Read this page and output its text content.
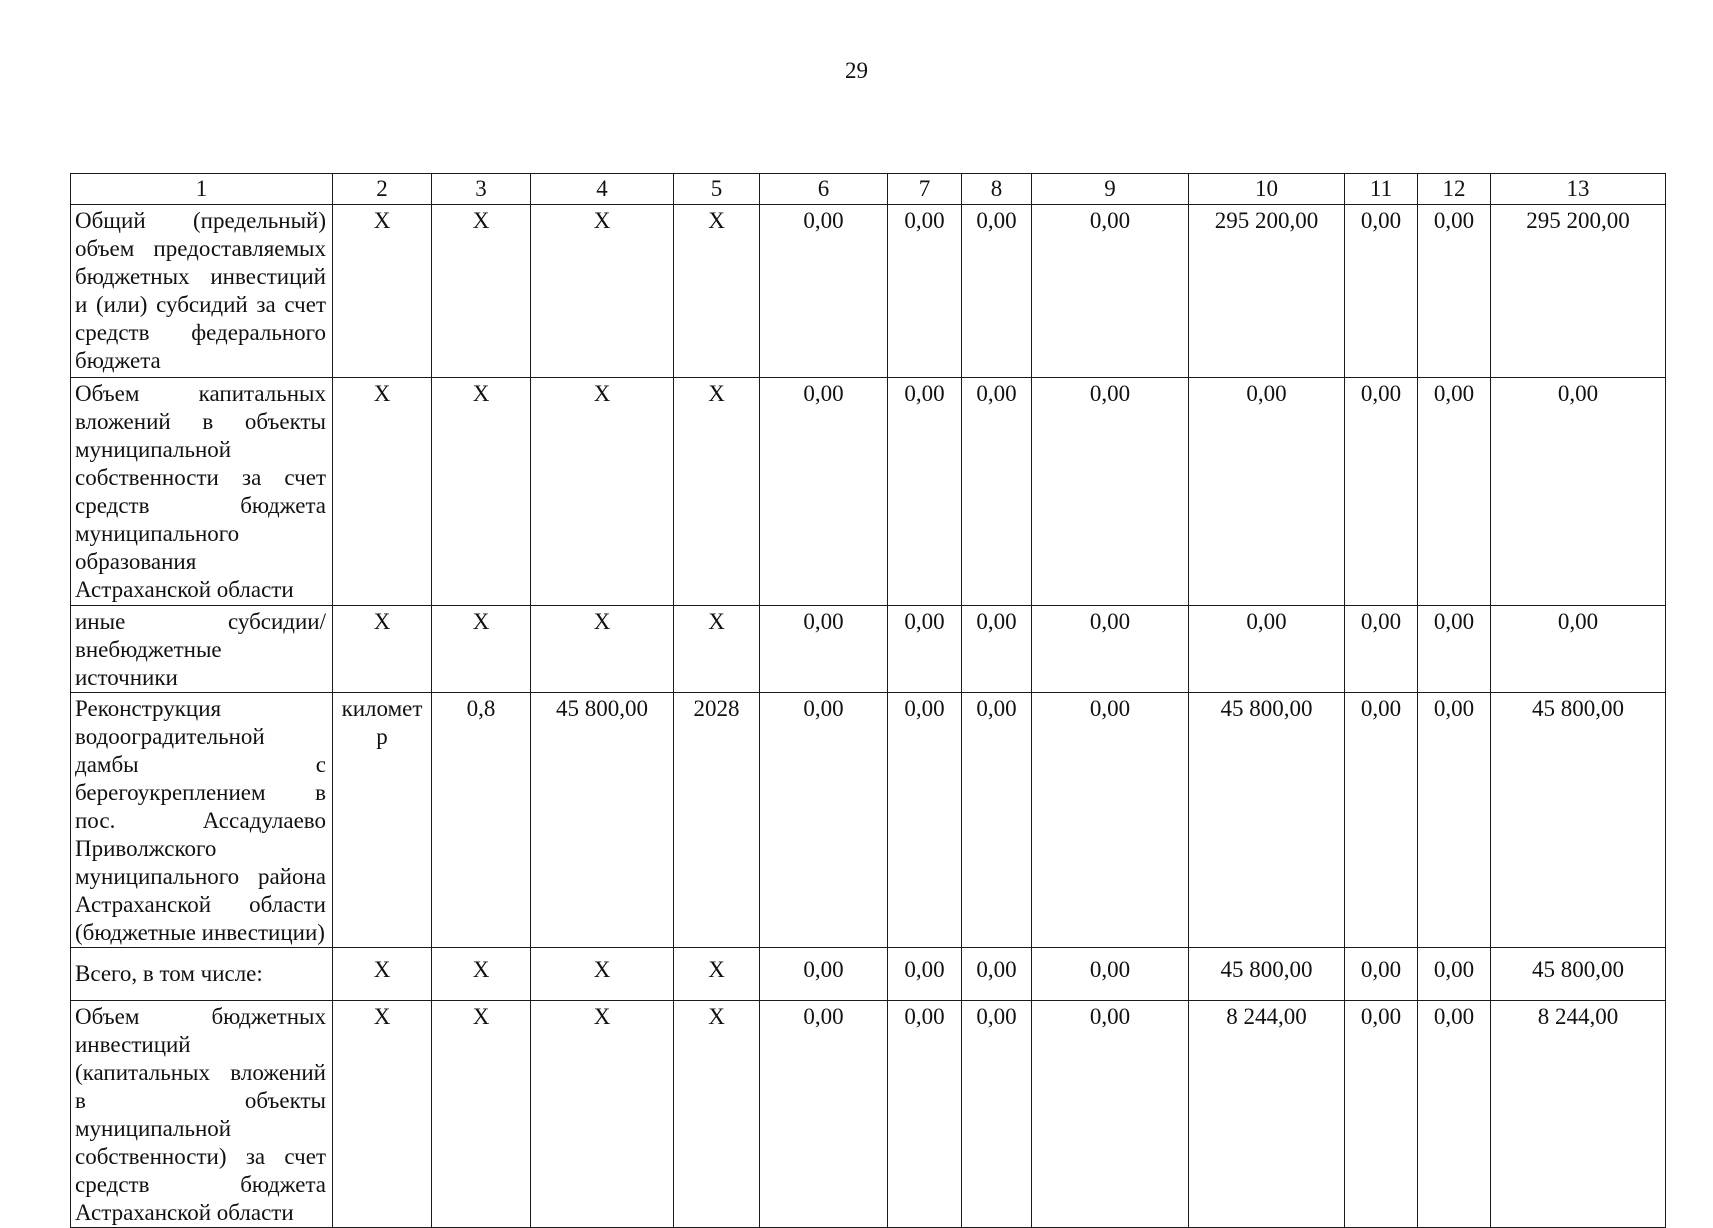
29
1	2	3	4	5	6	7	8	9	10	11	12	13
Общий (предельный) объем предоставляемых бюджетных инвестиций и (или) субсидий за счет средств федерального бюджета	X	X	X	X	0,00	0,00	0,00	0,00	295 200,00	0,00	0,00	295 200,00
Объем капитальных вложений в объекты муниципальной собственности за счет средств бюджета муниципального образования Астраханской области	X	X	X	X	0,00	0,00	0,00	0,00	0,00	0,00	0,00	0,00
иные субсидии/ внебюджетные источники	X	X	X	X	0,00	0,00	0,00	0,00	0,00	0,00	0,00	0,00
Реконструкция водооградительной дамбы с берегоукреплением в пос. Ассадулаево Приволжского муниципального района Астраханской области (бюджетные инвестиции)	километр	0,8	45 800,00	2028	0,00	0,00	0,00	0,00	45 800,00	0,00	0,00	45 800,00
Всего, в том числе:	X	X	X	X	0,00	0,00	0,00	0,00	45 800,00	0,00	0,00	45 800,00
Объем бюджетных инвестиций (капитальных вложений в объекты муниципальной собственности) за счет средств бюджета Астраханской области	X	X	X	X	0,00	0,00	0,00	0,00	8 244,00	0,00	0,00	8 244,00
